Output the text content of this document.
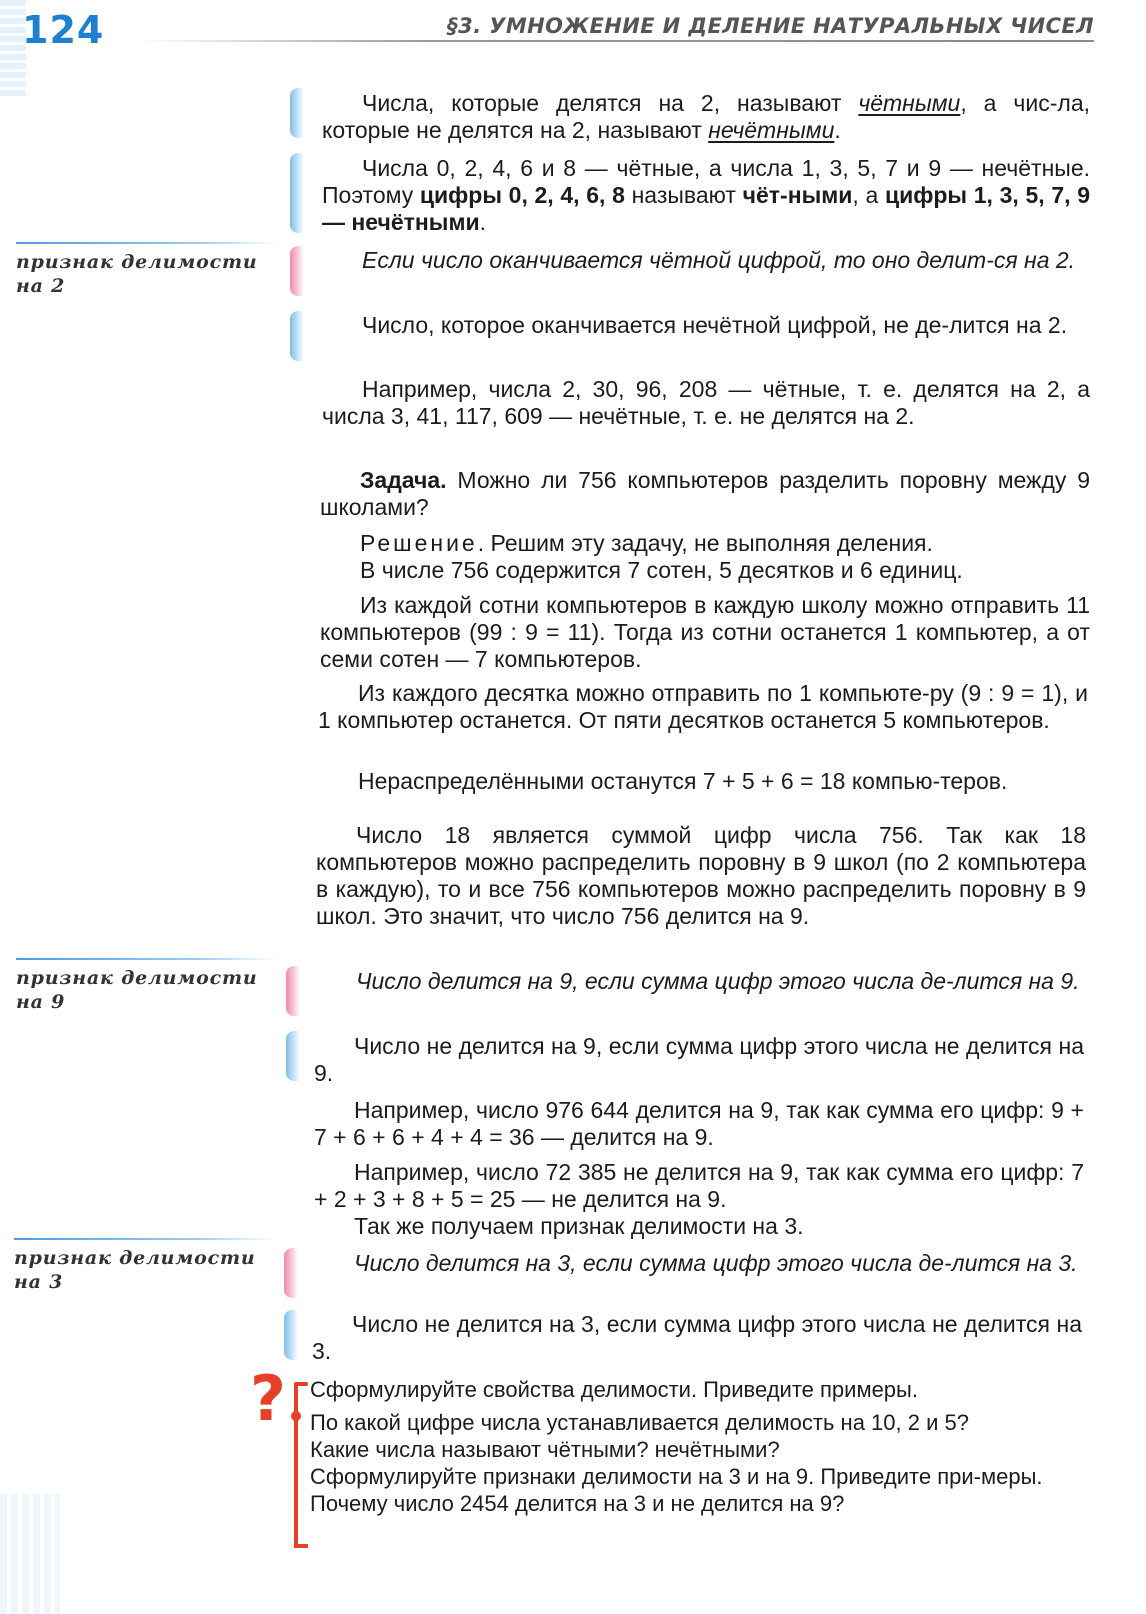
124	§3. УМНОЖЕНИЕ И ДЕЛЕНИЕ НАТУРАЛЬНЫХ ЧИСЕЛ
признак делимости
на 2
признак делимости
на 9
признак делимости
на 3

Числа, которые делятся на 2, называют чётными, а чис-ла, которые не делятся на 2, называют нечётными.

Числа 0, 2, 4, 6 и 8 — чётные, а числа 1, 3, 5, 7 и 9 — нечётные. Поэтому цифры 0, 2, 4, 6, 8 называют чёт-ными, а цифры 1, 3, 5, 7, 9 — нечётными.

Если число оканчивается чётной цифрой, то оно делит-ся на 2.

Число, которое оканчивается нечётной цифрой, не де-лится на 2.

Например, числа 2, 30, 96, 208 — чётные, т. е. делятся на 2, а числа 3, 41, 117, 609 — нечётные, т. е. не делятся на 2.

Задача. Можно ли 756 компьютеров разделить поровну между 9 школами?

Решение. Решим эту задачу, не выполняя деления.

В числе 756 содержится 7 сотен, 5 десятков и 6 единиц.

Из каждой сотни компьютеров в каждую школу можно отправить 11 компьютеров (99 : 9 = 11). Тогда из сотни останется 1 компьютер, а от семи сотен — 7 компьютеров.

Из каждого десятка можно отправить по 1 компьюте-ру (9 : 9 = 1), и 1 компьютер останется. От пяти десятков останется 5 компьютеров.

Нераспределёнными останутся 7 + 5 + 6 = 18 компью-теров.

Число 18 является суммой цифр числа 756. Так как 18 компьютеров можно распределить поровну в 9 школ (по 2 компьютера в каждую), то и все 756 компьютеров можно распределить поровну в 9 школ. Это значит, что число 756 делится на 9.

Число делится на 9, если сумма цифр этого числа де-лится на 9.

Число не делится на 9, если сумма цифр этого числа не делится на 9.

Например, число 976 644 делится на 9, так как сумма его цифр: 9 + 7 + 6 + 6 + 4 + 4 = 36 — делится на 9.

Например, число 72 385 не делится на 9, так как сумма его цифр: 7 + 2 + 3 + 8 + 5 = 25 — не делится на 9.

Так же получаем признак делимости на 3.

Число делится на 3, если сумма цифр этого числа де-лится на 3.

Число не делится на 3, если сумма цифр этого числа не делится на 3.

? Сформулируйте свойства делимости. Приведите примеры.
По какой цифре числа устанавливается делимость на 10, 2 и 5?
Какие числа называют чётными? нечётными?
Сформулируйте признаки делимости на 3 и на 9. Приведите при-меры.
Почему число 2454 делится на 3 и не делится на 9?
